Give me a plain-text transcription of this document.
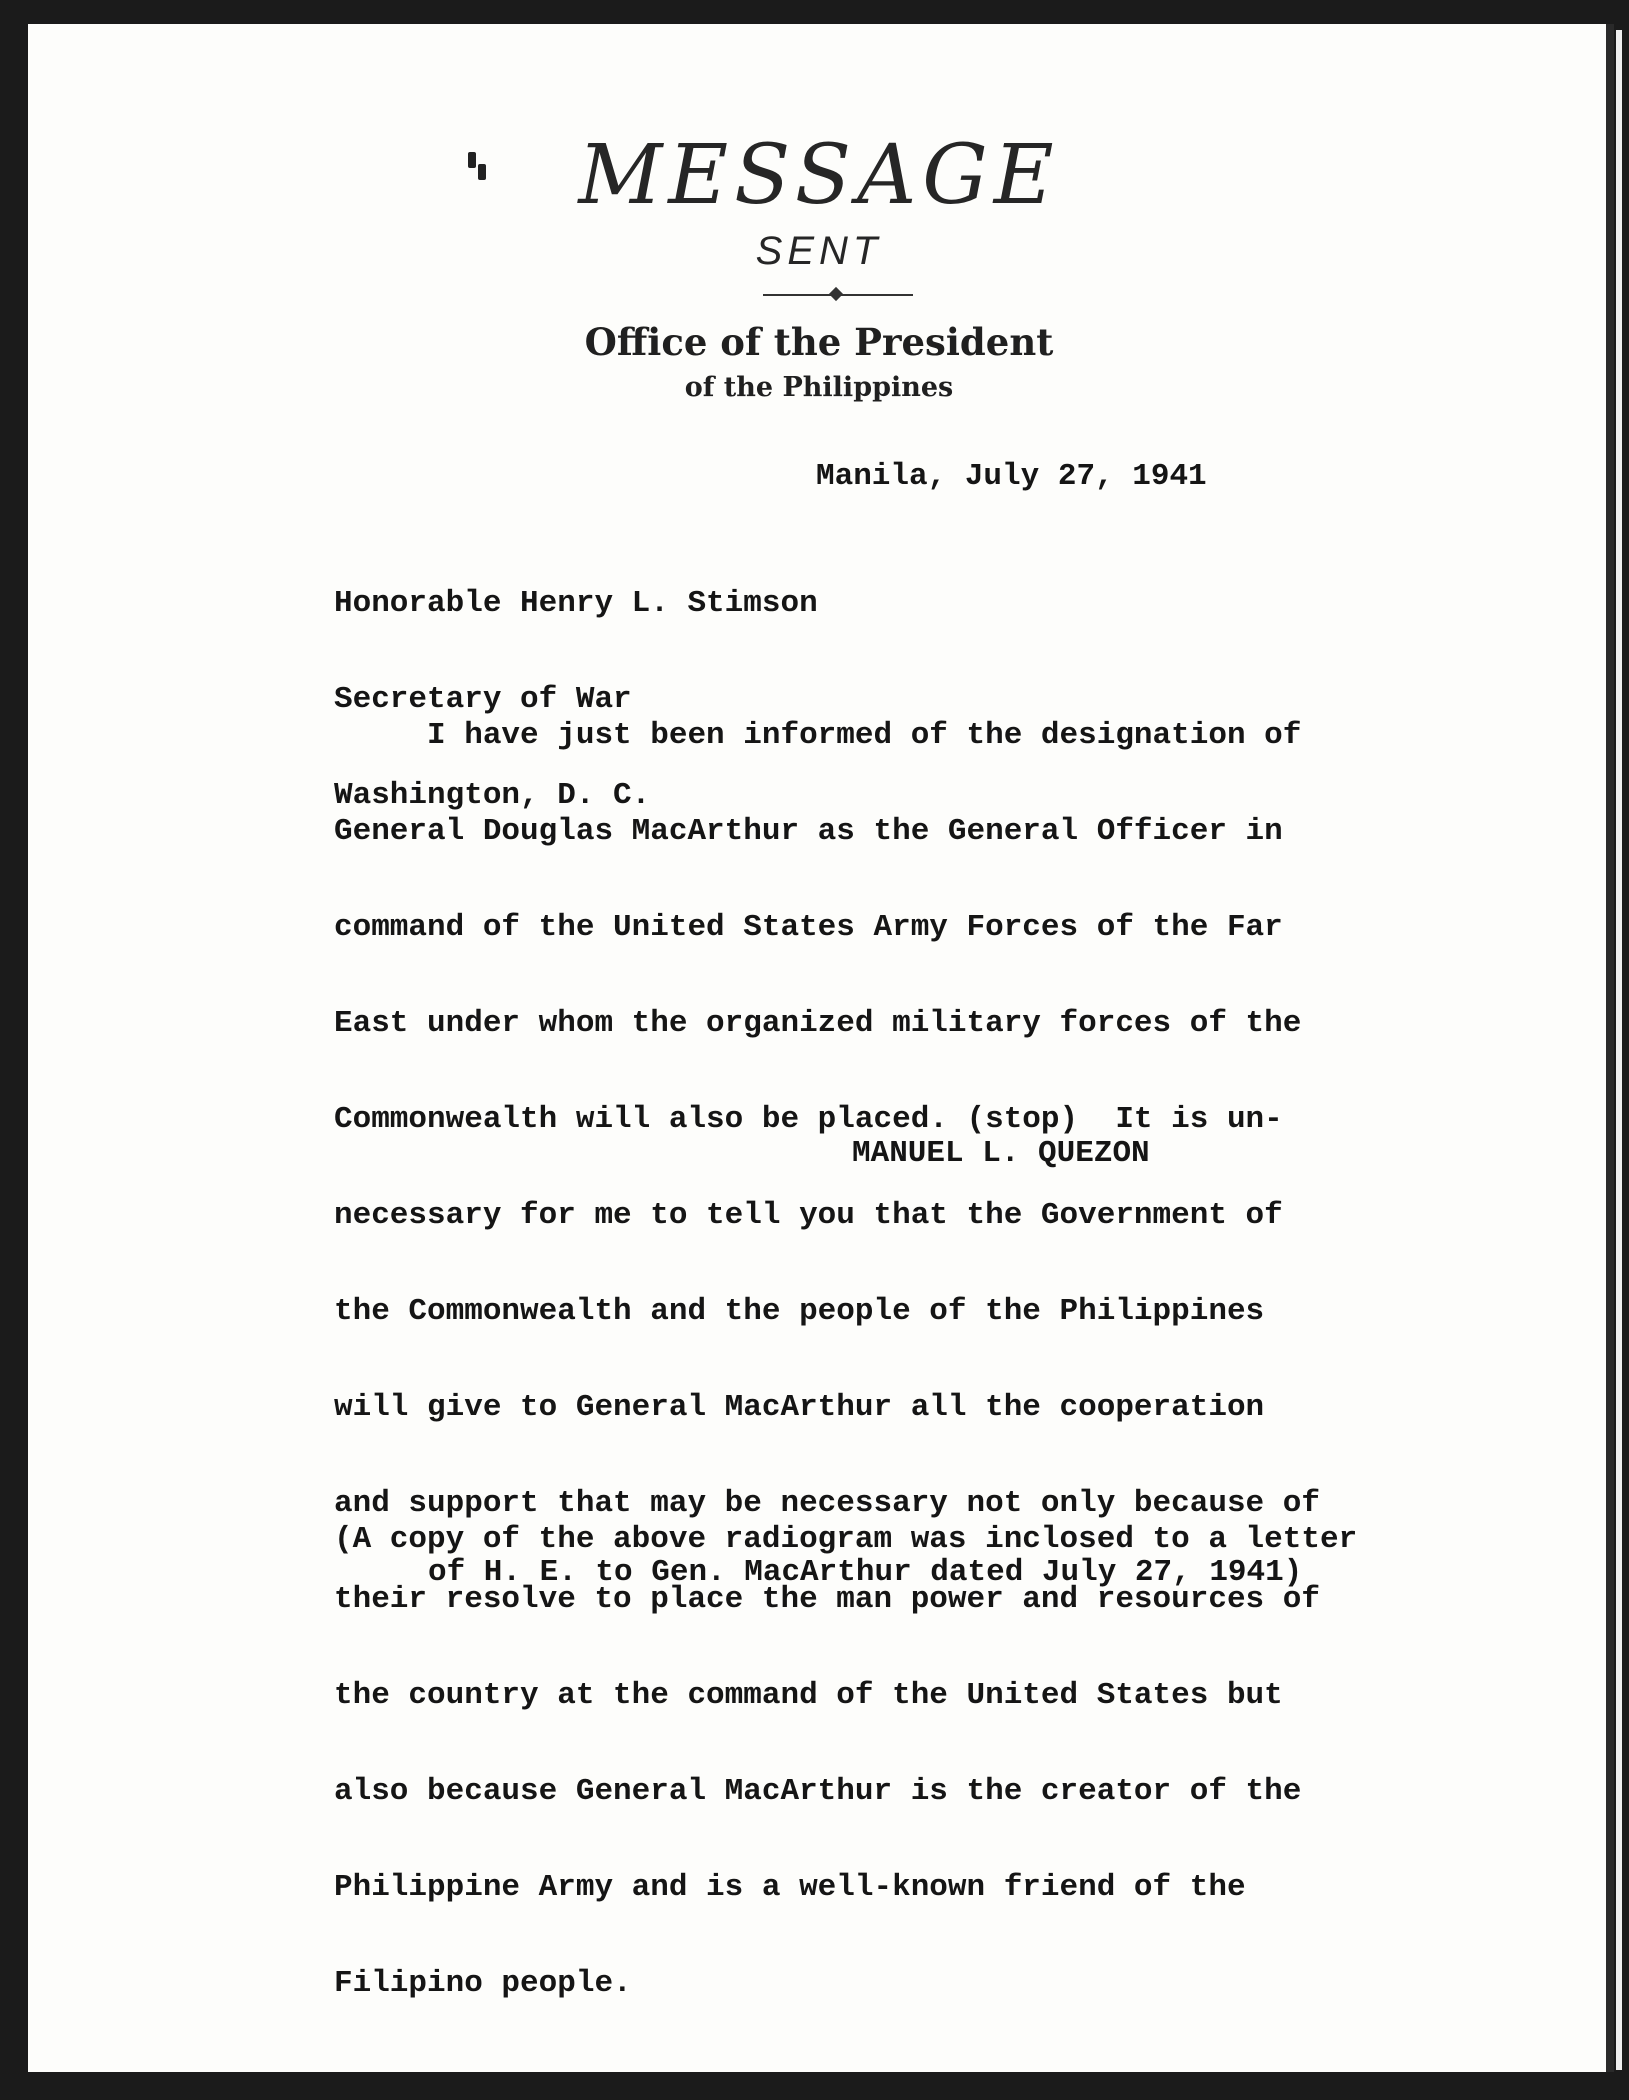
MESSAGE
SENT
Office of the President
of the Philippines
Manila, July 27, 1941

Honorable Henry L. Stimson

Secretary of War

Washington, D. C.

I have just been informed of the designation of

General Douglas MacArthur as the General Officer in

command of the United States Army Forces of the Far

East under whom the organized military forces of the

Commonwealth will also be placed. (stop)  It is un-

necessary for me to tell you that the Government of

the Commonwealth and the people of the Philippines

will give to General MacArthur all the cooperation

and support that may be necessary not only because of

their resolve to place the man power and resources of

the country at the command of the United States but

also because General MacArthur is the creator of the

Philippine Army and is a well-known friend of the

Filipino people.

MANUEL L. QUEZON
(A copy of the above radiogram was inclosed to a letter
of H. E. to Gen. MacArthur dated July 27, 1941)
